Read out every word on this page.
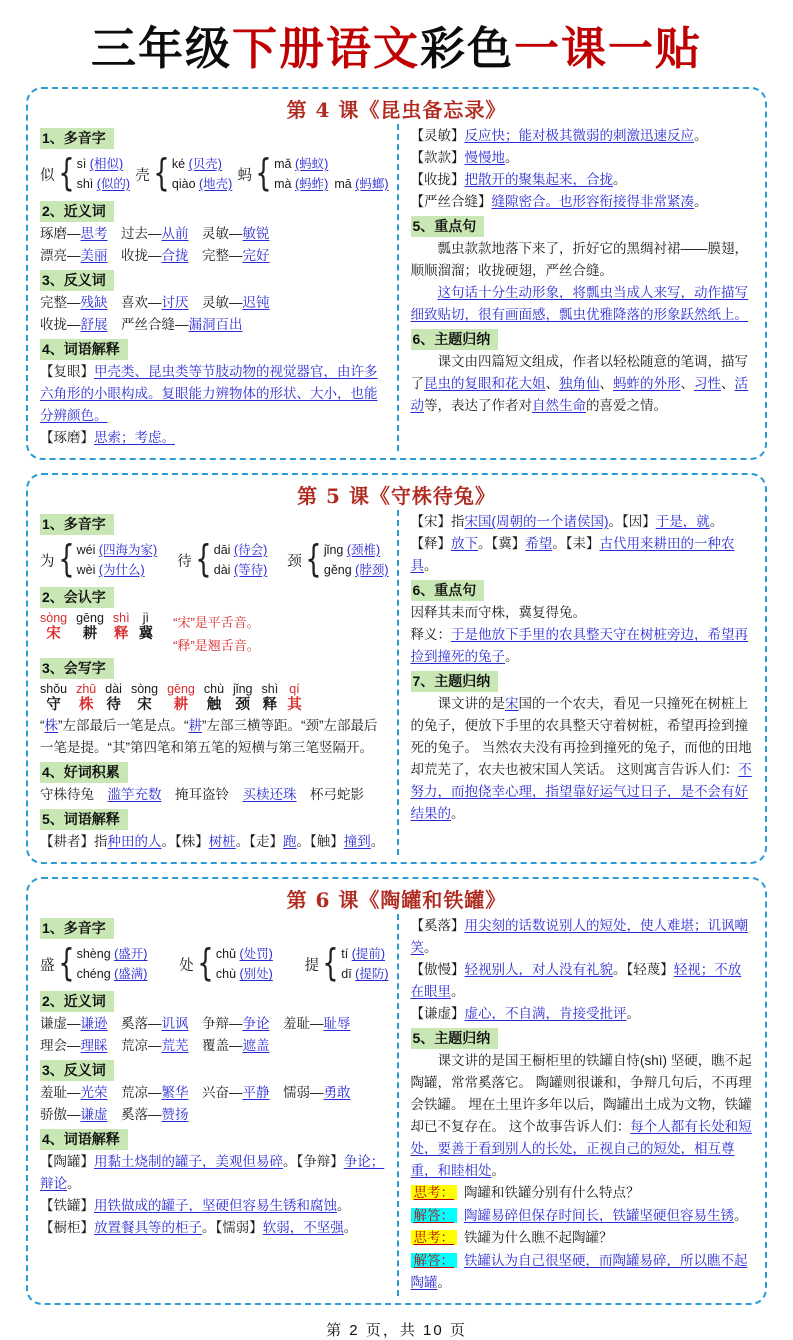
三年级下册语文彩色一课一贴
第 4 课《昆虫备忘录》
1、多音字
似 { sì (相似)
shì (似的)
壳 { ké (贝壳)
qiào (地壳)
蚂 { mǎ (蚂蚁)
mà (蚂蚱) mā (蚂螂)
2、近义词
琢磨—思考　 过去—从前　 灵敏—敏锐
漂亮—美丽　 收拢—合拢　 完整—完好
3、反义词
完整—残缺　 喜欢—讨厌　 灵敏—迟钝
收拢—舒展　 严丝合缝—漏洞百出
4、词语解释
【复眼】甲壳类、昆虫类等节肢动物的视觉器官，由许多六角形的小眼构成。复眼能力辨物体的形状、大小，也能分辨颜色。
【琢磨】思索；考虑。
【灵敏】反应快；能对极其微弱的刺激迅速反应。
【款款】慢慢地。
【收拢】把散开的聚集起来，合拢。
【严丝合缝】缝隙密合。也形容衔接得非常紧凑。
5、重点句
瓢虫款款地落下来了，折好它的黑绸衬裙——膜翅，顺顺溜溜；收拢硬翅，严丝合缝。
这句话十分生动形象，将瓢虫当成人来写，动作描写细致贴切，很有画面感，瓢虫优雅降落的形象跃然纸上。
6、主题归纳
课文由四篇短文组成，作者以轻松随意的笔调，描写了昆虫的复眼和花大姐、独角仙、蚂蚱的外形、习性、活动等，表达了作者对自然生命的喜爱之情。
第 5 课《守株待兔》
1、多音字
为 { wéi (四海为家)
wèi (为什么)
待 { dāi (待会)
dài (等待)
颈 { jǐng (颈椎)
gěng (脖颈)
2、会认字
sòng
宋
gēng
耕
shì
释
jì
冀
“宋”是平舌音。
“释”是翘舌音。
3、会写字
shǒu
守
zhū
株
dài
待
sòng
宋
gēng
耕
chù
触
jǐng
颈
shì
释
qí
其
“株”左部最后一笔是点。“耕”左部三横等距。“颈”左部最后一笔是提。“其”第四笔和第五笔的短横与第三笔竖隔开。
4、好词积累
守株待兔　滥竽充数　掩耳盗铃　买椟还珠　杯弓蛇影
5、词语解释
【耕者】指种田的人。【株】树桩。【走】跑。【触】撞到。
【宋】指宋国(周朝的一个诸侯国)。【因】于是，就。
【释】放下。【冀】希望。【耒】古代用来耕田的一种农具。
6、重点句
因释其耒而守株，冀复得兔。
释义：于是他放下手里的农具整天守在树桩旁边，希望再捡到撞死的兔子。
7、主题归纳
课文讲的是宋国的一个农夫，看见一只撞死在树桩上的兔子，便放下手里的农具整天守着树桩，希望再捡到撞死的兔子。 当然农夫没有再捡到撞死的兔子，而他的田地却荒芜了，农夫也被宋国人笑话。 这则寓言告诉人们：不努力，而抱侥幸心理，指望靠好运气过日子，是不会有好结果的。
第 6 课《陶罐和铁罐》
1、多音字
盛 { shèng (盛开)
chéng (盛满)
处 { chǔ (处罚)
chù (别处)
提 { tí (提前)
dī (提防)
2、近义词
谦虚—谦逊　奚落—讥讽　争辩—争论　羞耻—耻辱
理会—理睬　荒凉—荒芜　覆盖—遮盖
3、反义词
羞耻—光荣　荒凉—繁华　兴奋—平静　懦弱—勇敢
骄傲—谦虚　奚落—赞扬
4、词语解释
【陶罐】用黏土烧制的罐子，美观但易碎。【争辩】争论；辩论。
【铁罐】用铁做成的罐子，坚硬但容易生锈和腐蚀。
【橱柜】放置餐具等的柜子。【懦弱】软弱，不坚强。
【奚落】用尖刻的话数说别人的短处，使人难堪；讥讽嘲笑。
【傲慢】轻视别人，对人没有礼貌。【轻蔑】轻视；不放在眼里。
【谦虚】虚心，不自满，肯接受批评。
5、主题归纳
课文讲的是国王橱柜里的铁罐自恃(shì) 坚硬，瞧不起陶罐，常常奚落它。 陶罐则很谦和，争辩几句后，不再理会铁罐。 埋在土里许多年以后，陶罐出土成为文物，铁罐却已不复存在。 这个故事告诉人们：每个人都有长处和短处，要善于看到别人的长处，正视自己的短处，相互尊重，和睦相处。
思考： 陶罐和铁罐分别有什么特点？
解答： 陶罐易碎但保存时间长，铁罐坚硬但容易生锈。
思考： 铁罐为什么瞧不起陶罐？
解答： 铁罐认为自己很坚硬，而陶罐易碎，所以瞧不起陶罐。
第 2 页，共 10 页
